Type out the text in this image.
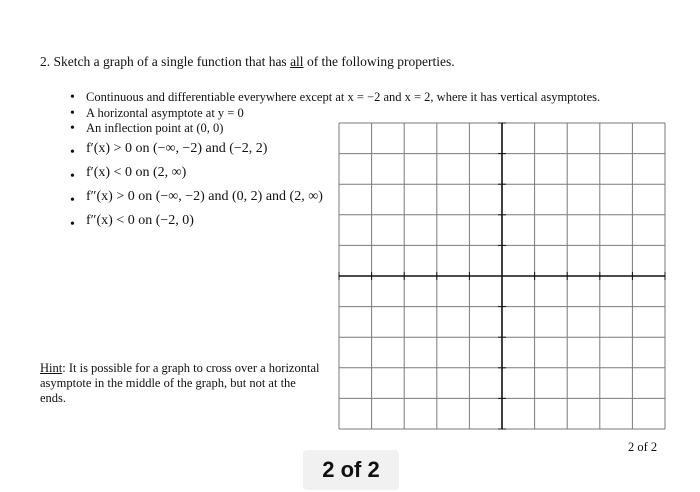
2. Sketch a graph of a single function that has all of the following properties.
• Continuous and differentiable everywhere except at x = −2 and x = 2, where it has vertical asymptotes.
• A horizontal asymptote at y = 0
• An inflection point at (0, 0)
• f′(x) > 0 on (−∞, −2) and (−2, 2)
• f′(x) < 0 on (2, ∞)
• f″(x) > 0 on (−∞, −2) and (0, 2) and (2, ∞)
• f″(x) < 0 on (−2, 0)
Hint: It is possible for a graph to cross over a horizontal asymptote in the middle of the graph, but not at the ends.
2 of 2
2 of 2
